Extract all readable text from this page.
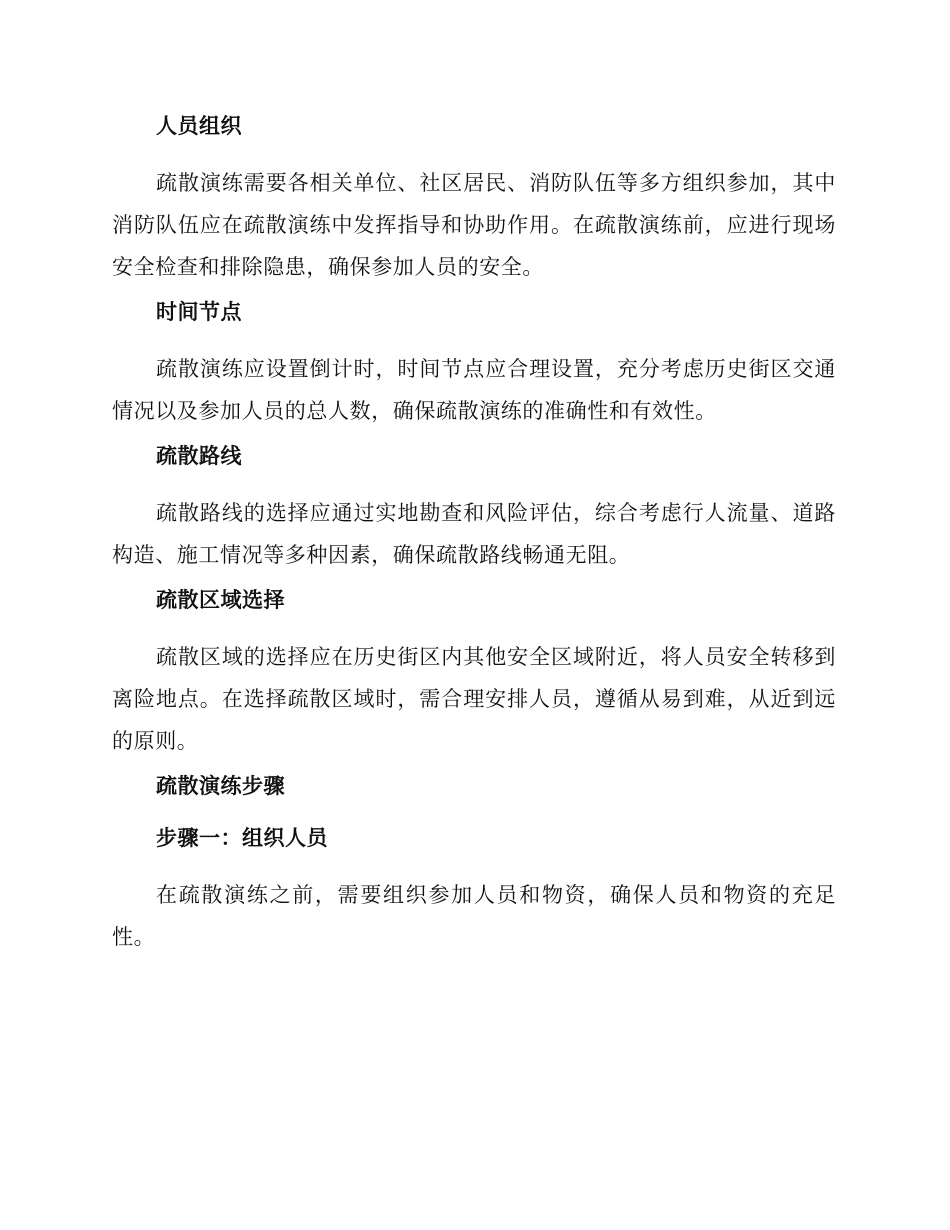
人员组织

疏散演练需要各相关单位、社区居民、消防队伍等多方组织参加，其中消防队伍应在疏散演练中发挥指导和协助作用。在疏散演练前，应进行现场安全检查和排除隐患，确保参加人员的安全。

时间节点

疏散演练应设置倒计时，时间节点应合理设置，充分考虑历史街区交通情况以及参加人员的总人数，确保疏散演练的准确性和有效性。

疏散路线

疏散路线的选择应通过实地勘查和风险评估，综合考虑行人流量、道路构造、施工情况等多种因素，确保疏散路线畅通无阻。

疏散区域选择

疏散区域的选择应在历史街区内其他安全区域附近，将人员安全转移到离险地点。在选择疏散区域时，需合理安排人员，遵循从易到难，从近到远的原则。

疏散演练步骤
步骤一：组织人员

在疏散演练之前，需要组织参加人员和物资，确保人员和物资的充足性。
